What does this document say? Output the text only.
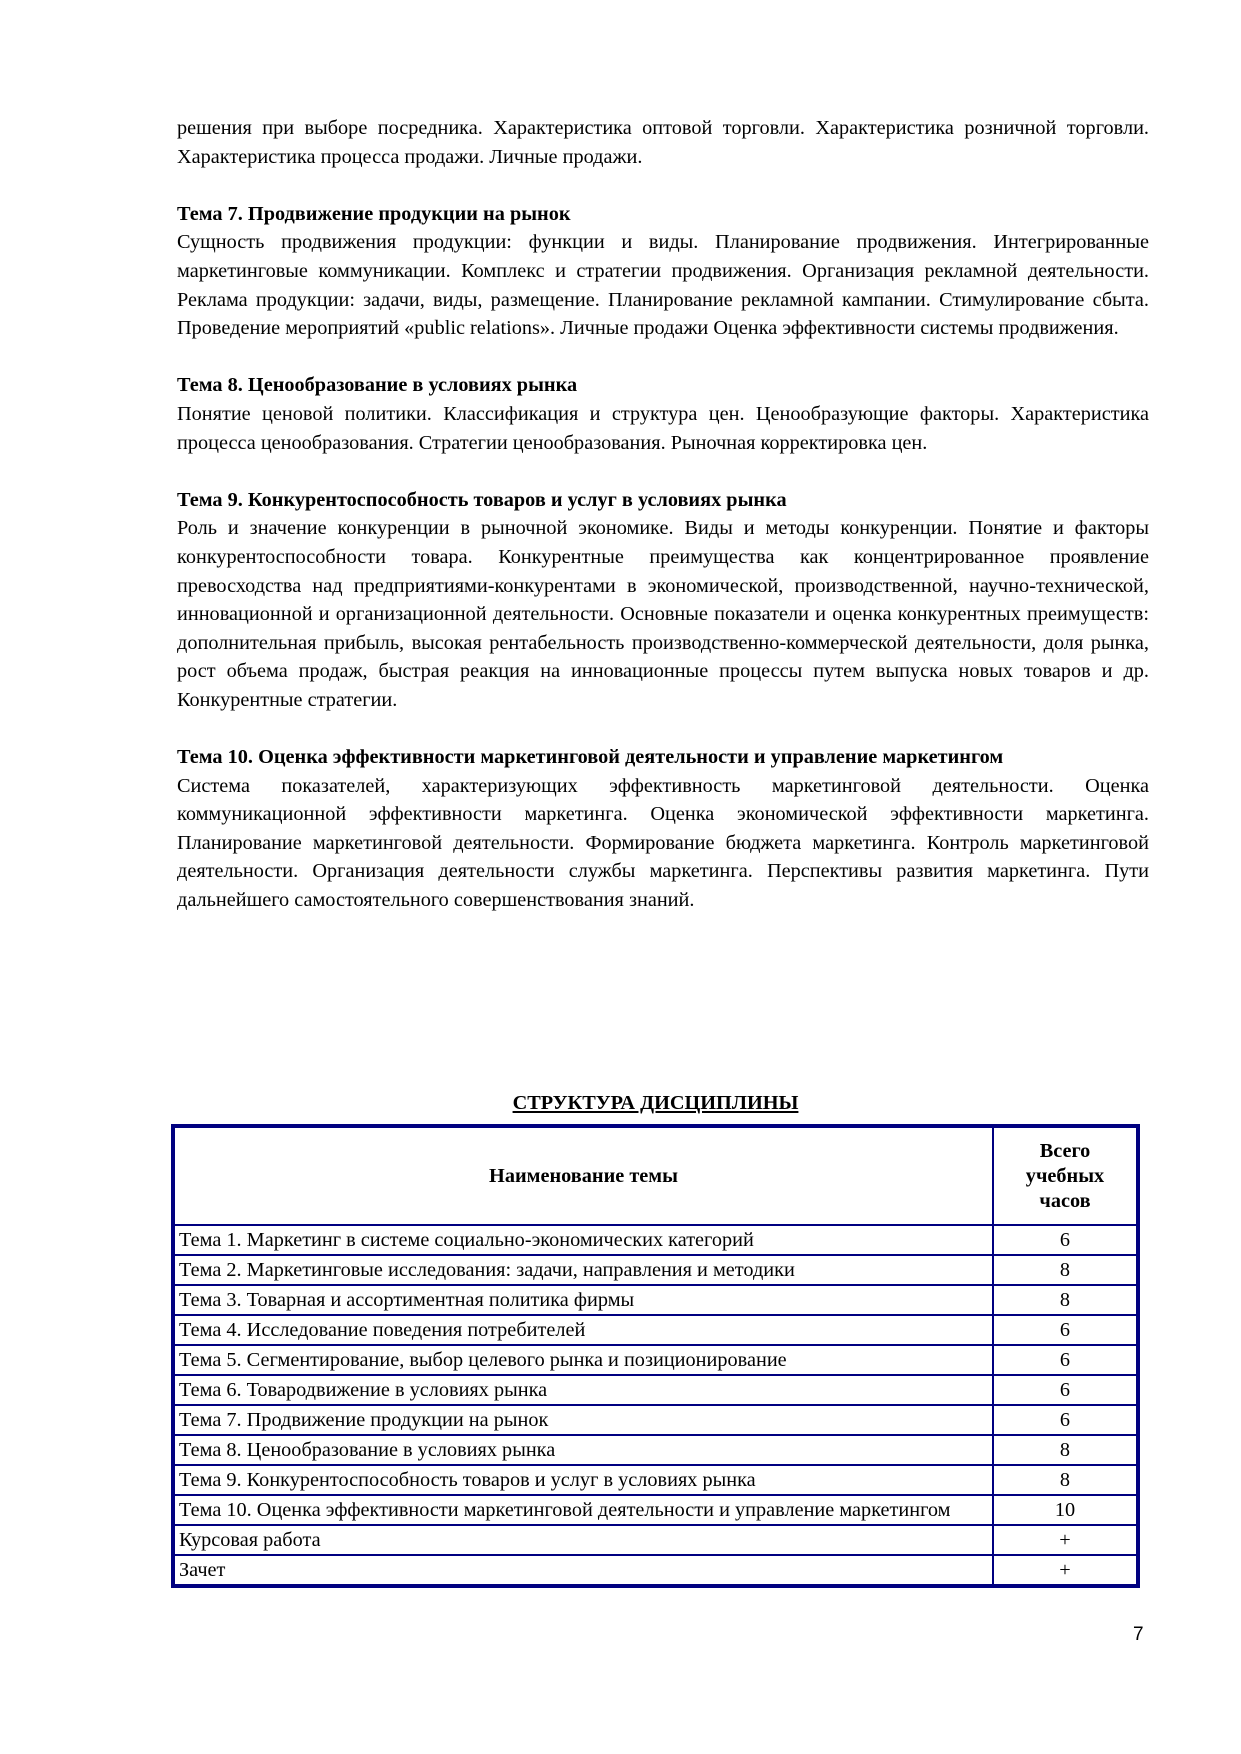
решения при выборе посредника. Характеристика оптовой торговли. Характеристика розничной торговли. Характеристика процесса продажи. Личные продажи.

Тема 7. Продвижение продукции на рынок

Сущность продвижения продукции: функции и виды. Планирование продвижения. Интегрированные маркетинговые коммуникации. Комплекс и стратегии продвижения. Организация рекламной деятельности. Реклама продукции: задачи, виды, размещение. Планирование рекламной кампании. Стимулирование сбыта. Проведение мероприятий «public relations». Личные продажи Оценка эффективности системы продвижения.

Тема 8. Ценообразование в условиях рынка

Понятие ценовой политики. Классификация и структура цен. Ценообразующие факторы. Характеристика процесса ценообразования. Стратегии ценообразования. Рыночная корректировка цен.

Тема 9. Конкурентоспособность товаров и услуг в условиях рынка

Роль и значение конкуренции в рыночной экономике. Виды и методы конкуренции. Понятие и факторы конкурентоспособности товара. Конкурентные преимущества как концентрированное проявление превосходства над предприятиями-конкурентами в экономической, производственной, научно-технической, инновационной и организационной деятельности. Основные показатели и оценка конкурентных преимуществ: дополнительная прибыль, высокая рентабельность производственно-коммерческой деятельности, доля рынка, рост объема продаж, быстрая реакция на инновационные процессы путем выпуска новых товаров и др. Конкурентные стратегии.

Тема 10. Оценка эффективности маркетинговой деятельности и управление маркетингом

Система показателей, характеризующих эффективность маркетинговой деятельности. Оценка коммуникационной эффективности маркетинга. Оценка экономической эффективности маркетинга. Планирование маркетинговой деятельности. Формирование бюджета маркетинга. Контроль маркетинговой деятельности. Организация деятельности службы маркетинга. Перспективы развития маркетинга. Пути дальнейшего самостоятельного совершенствования знаний.

СТРУКТУРА ДИСЦИПЛИНЫ
Наименование темы	Всего учебных часов
Тема 1. Маркетинг в системе социально-экономических категорий	6
Тема 2. Маркетинговые исследования: задачи, направления и методики	8
Тема 3. Товарная и ассортиментная политика фирмы	8
Тема 4. Исследование поведения потребителей	6
Тема 5. Сегментирование, выбор целевого рынка и позиционирование	6
Тема 6. Товародвижение в условиях рынка	6
Тема 7. Продвижение продукции на рынок	6
Тема 8. Ценообразование в условиях рынка	8
Тема 9. Конкурентоспособность товаров и услуг в условиях рынка	8
Тема 10. Оценка эффективности маркетинговой деятельности и управление маркетингом	10
Курсовая работа	+
Зачет	+
7
